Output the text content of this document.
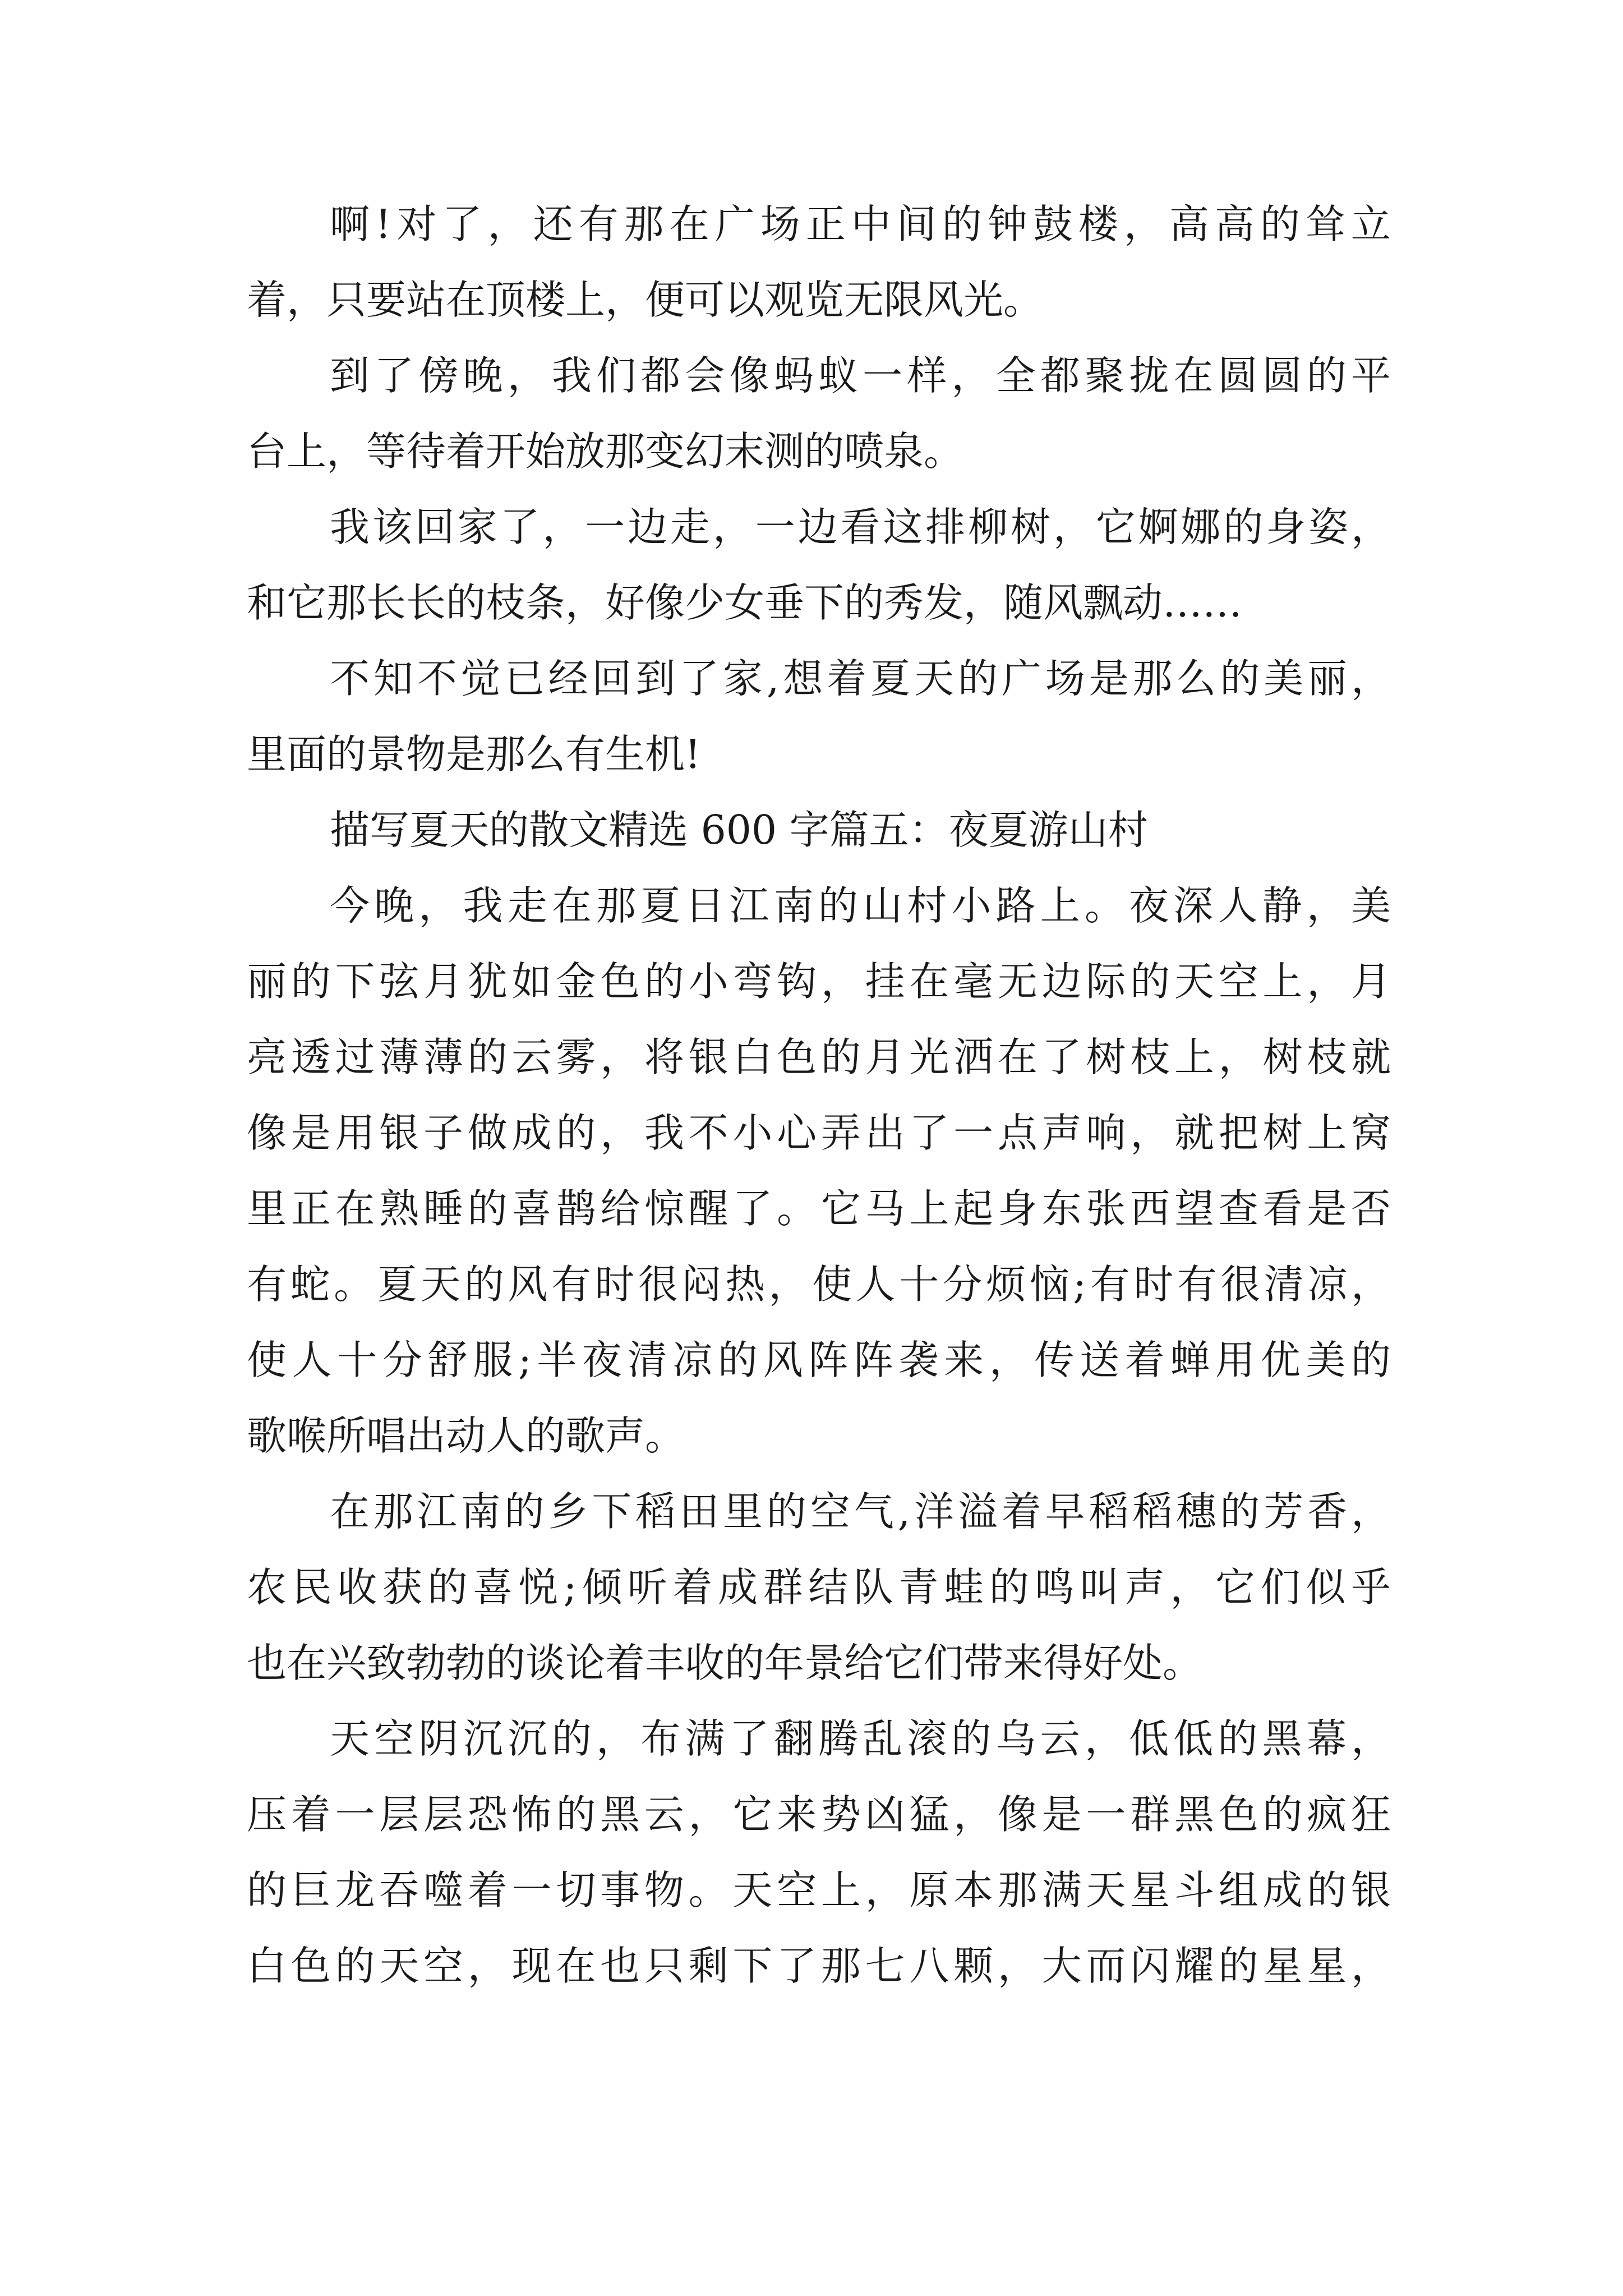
啊!对了，还有那在广场正中间的钟鼓楼，高高的耸立
着，只要站在顶楼上，便可以观览无限风光。
到了傍晚，我们都会像蚂蚁一样，全都聚拢在圆圆的平
台上，等待着开始放那变幻末测的喷泉。
我该回家了，一边走，一边看这排柳树，它婀娜的身姿，
和它那长长的枝条，好像少女垂下的秀发，随风飘动……
不知不觉已经回到了家,想着夏天的广场是那么的美丽，
里面的景物是那么有生机!
描写夏天的散文精选 600 字篇五：夜夏游山村
今晚，我走在那夏日江南的山村小路上。夜深人静，美
丽的下弦月犹如金色的小弯钩，挂在毫无边际的天空上，月
亮透过薄薄的云雾，将银白色的月光洒在了树枝上，树枝就
像是用银子做成的，我不小心弄出了一点声响，就把树上窝
里正在熟睡的喜鹊给惊醒了。它马上起身东张西望查看是否
有蛇。夏天的风有时很闷热，使人十分烦恼;有时有很清凉，
使人十分舒服;半夜清凉的风阵阵袭来，传送着蝉用优美的
歌喉所唱出动人的歌声。
在那江南的乡下稻田里的空气,洋溢着早稻稻穗的芳香，
农民收获的喜悦;倾听着成群结队青蛙的鸣叫声，它们似乎
也在兴致勃勃的谈论着丰收的年景给它们带来得好处。
天空阴沉沉的，布满了翻腾乱滚的乌云，低低的黑幕，
压着一层层恐怖的黑云，它来势凶猛，像是一群黑色的疯狂
的巨龙吞噬着一切事物。天空上，原本那满天星斗组成的银
白色的天空，现在也只剩下了那七八颗，大而闪耀的星星，
